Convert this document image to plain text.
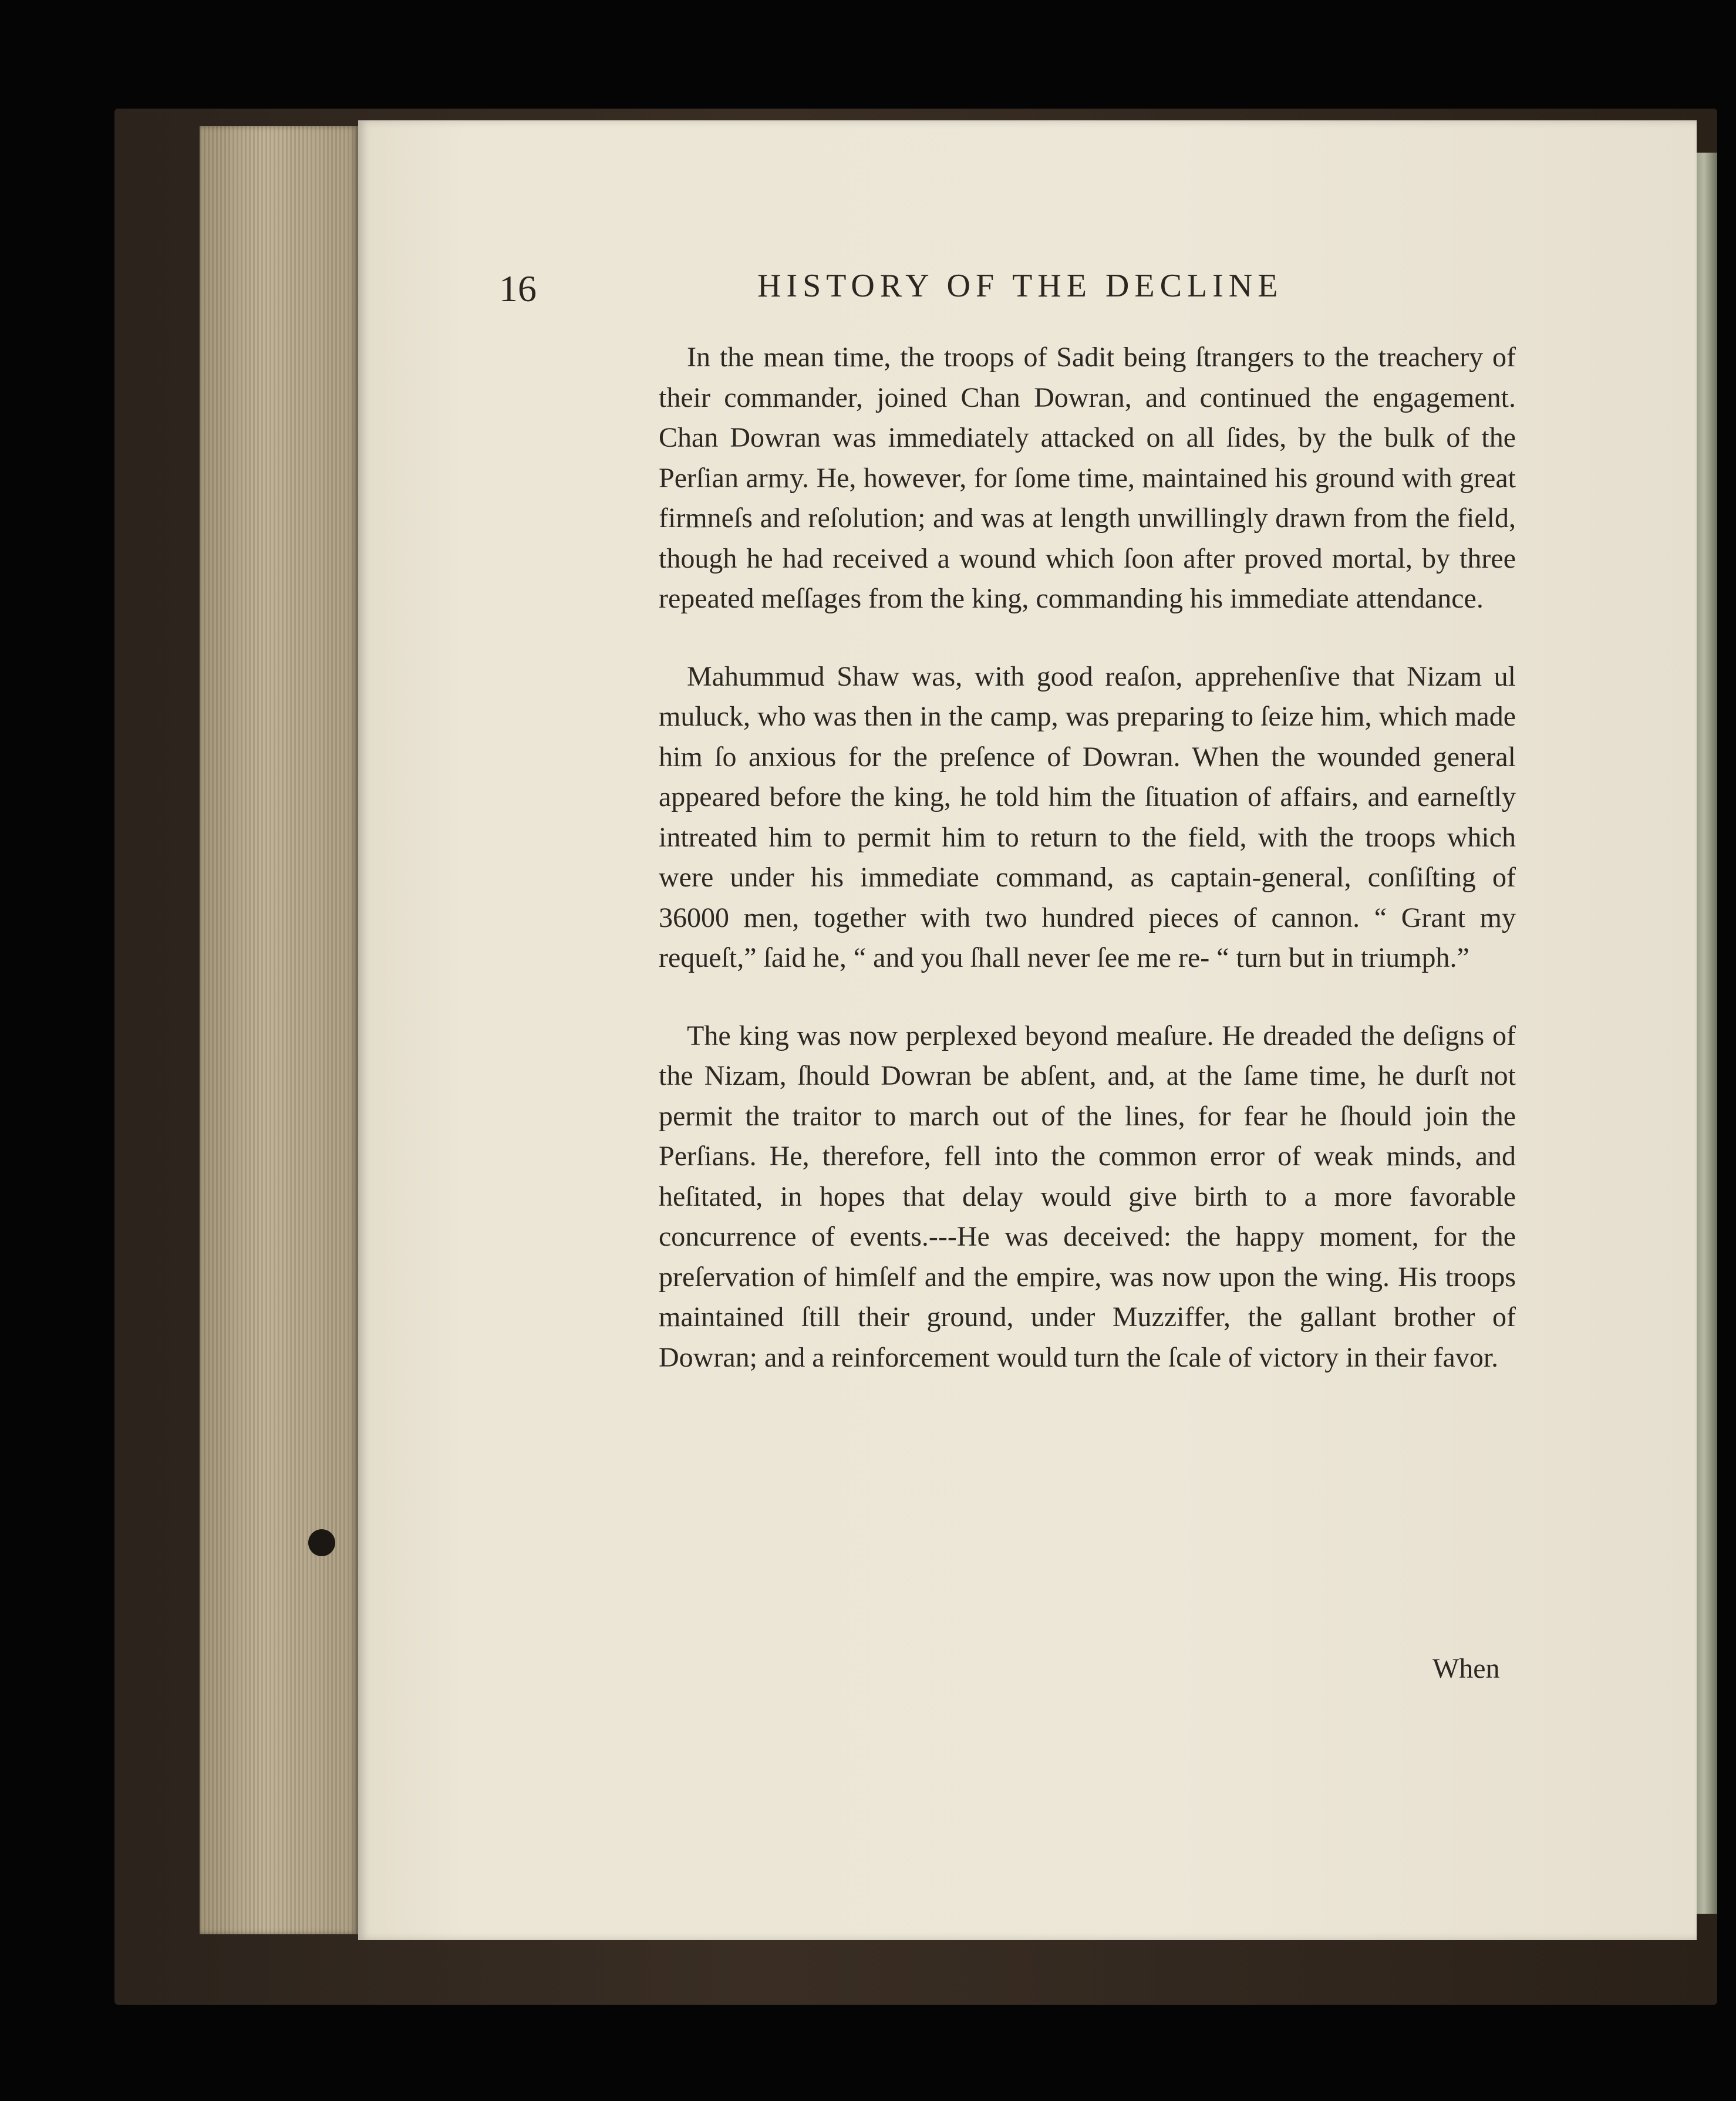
16	HISTORY OF THE DECLINE

In the mean time, the troops of Sadit being ſtrangers to the treachery of their commander, joined Chan Dowran, and continued the engagement. Chan Dowran was immediately attacked on all ſides, by the bulk of the Perſian army. He, however, for ſome time, maintained his ground with great firmneſs and reſolution; and was at length unwillingly drawn from the field, though he had received a wound which ſoon after proved mortal, by three repeated meſſages from the king, commanding his immediate attendance.

Mahummud Shaw was, with good reaſon, apprehenſive that Nizam ul muluck, who was then in the camp, was preparing to ſeize him, which made him ſo anxious for the preſence of Dowran. When the wounded general appeared before the king, he told him the ſituation of affairs, and earneſtly intreated him to permit him to return to the field, with the troops which were under his immediate command, as captain-general, conſiſting of 36000 men, together with two hundred pieces of cannon. “ Grant my requeſt,” ſaid he, “ and you ſhall never ſee me re- “ turn but in triumph.”

The king was now perplexed beyond meaſure. He dreaded the deſigns of the Nizam, ſhould Dowran be abſent, and, at the ſame time, he durſt not permit the traitor to march out of the lines, for fear he ſhould join the Perſians. He, therefore, fell into the common error of weak minds, and heſitated, in hopes that delay would give birth to a more favorable concurrence of events.---He was deceived: the happy moment, for the preſervation of himſelf and the empire, was now upon the wing. His troops maintained ſtill their ground, under Muzziffer, the gallant brother of Dowran; and a reinforcement would turn the ſcale of victory in their favor.

When
